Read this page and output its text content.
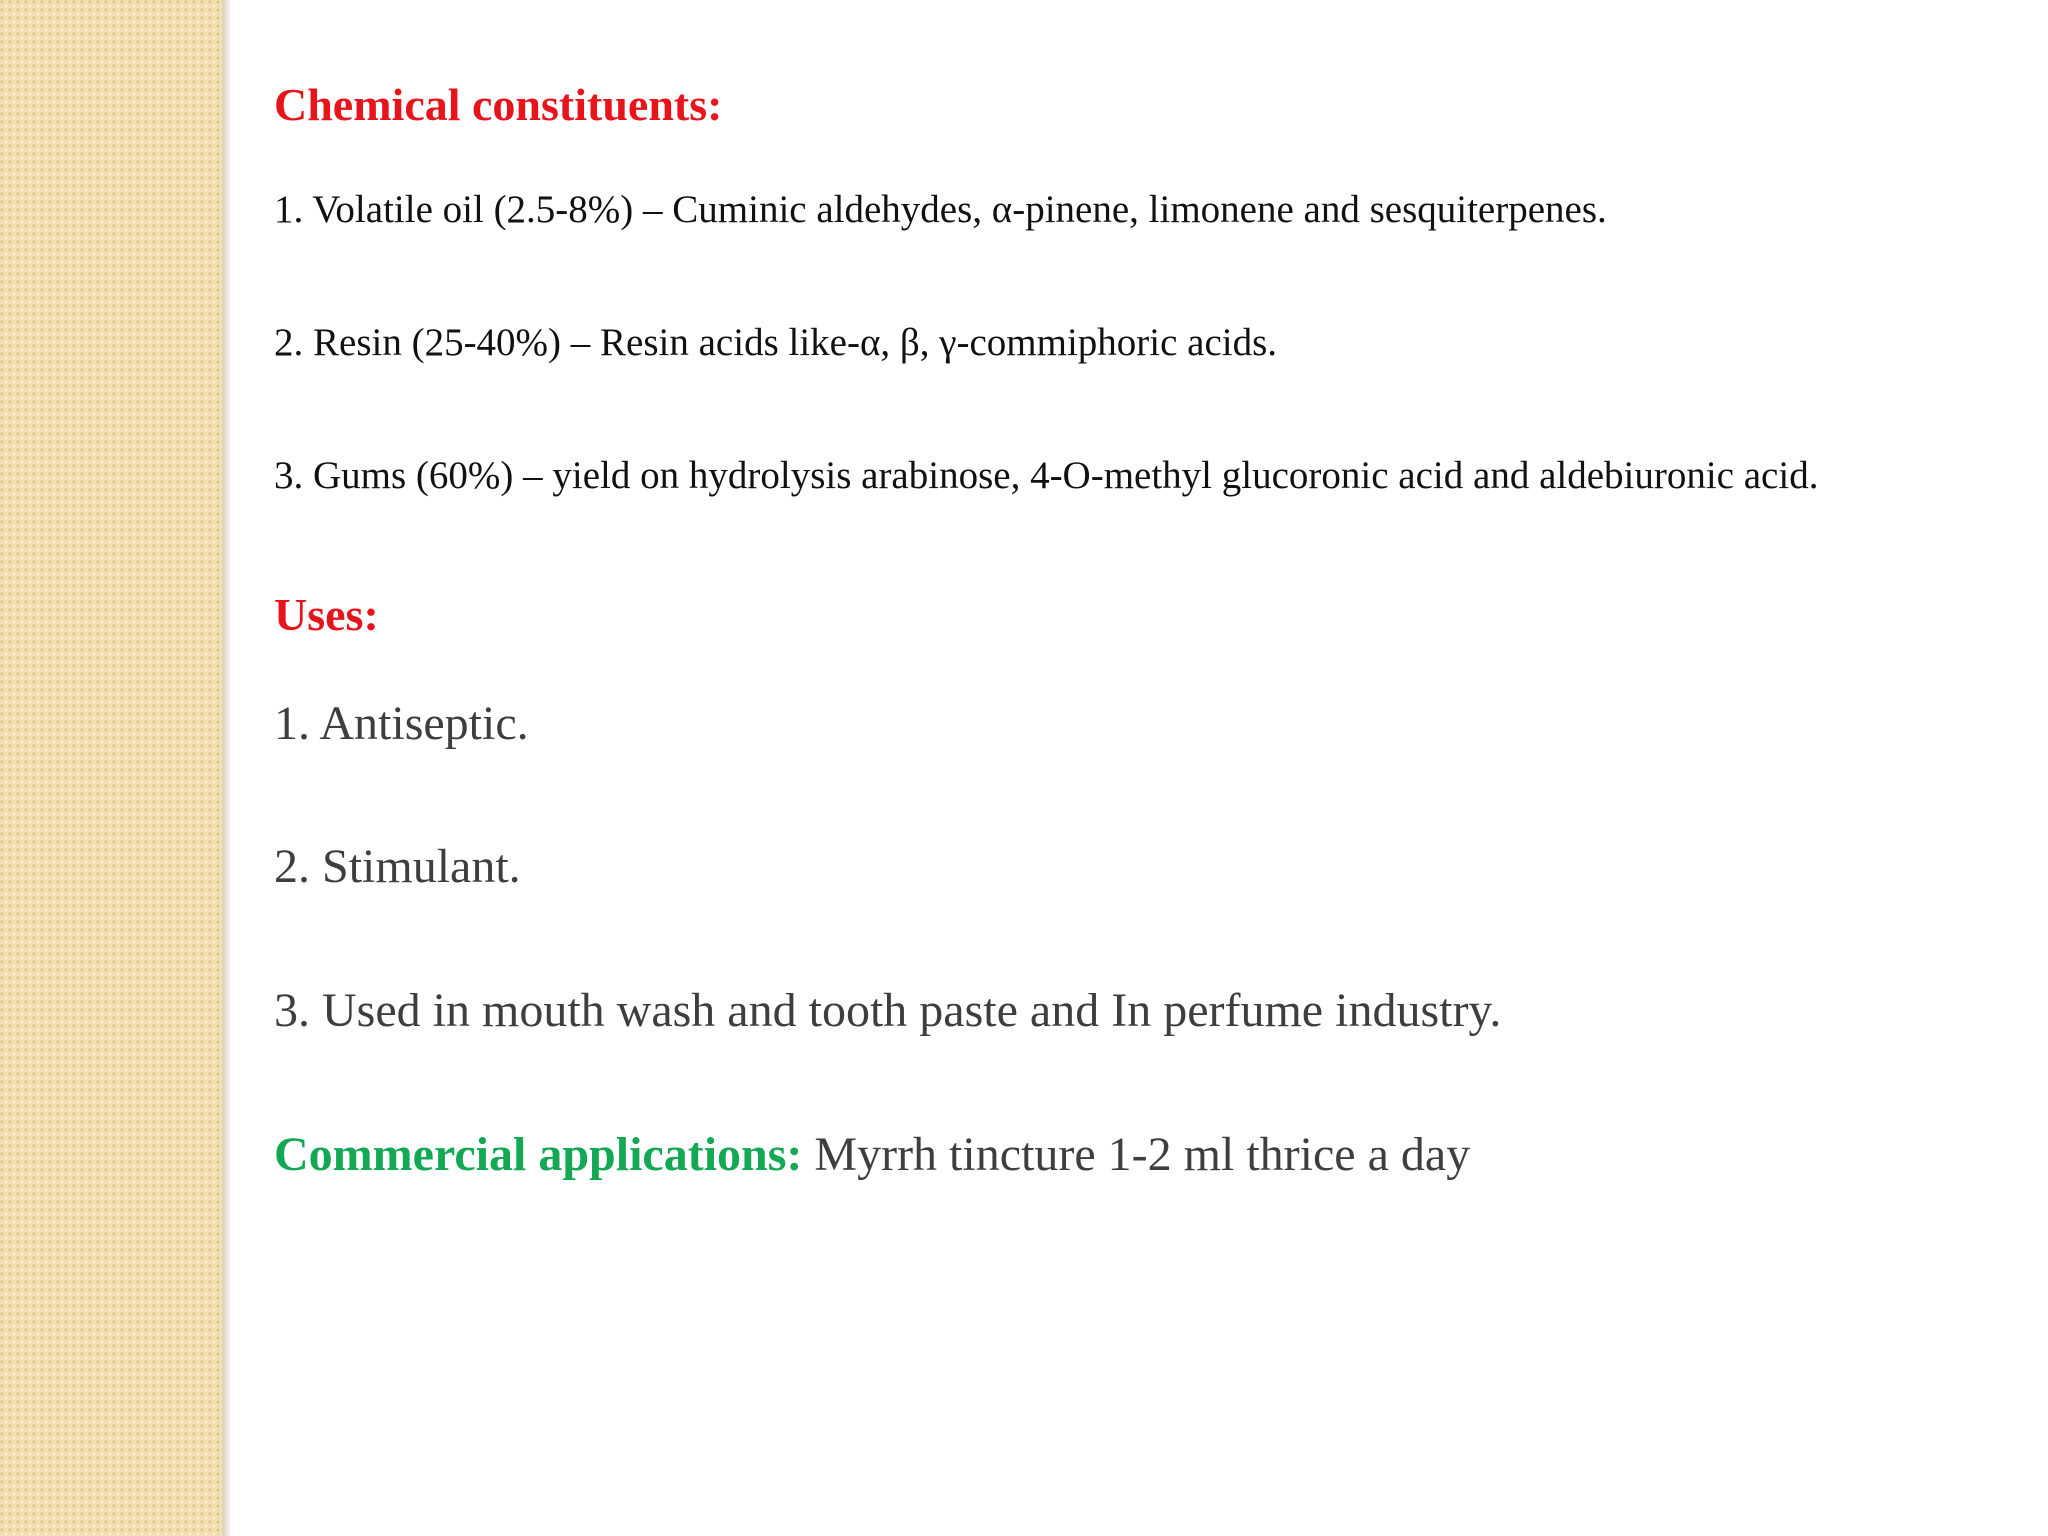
Chemical constituents:
1. Volatile oil (2.5-8%) – Cuminic aldehydes, α-pinene, limonene and sesquiterpenes.
2. Resin (25-40%) – Resin acids like-α, β, γ-commiphoric acids.
3. Gums (60%) – yield on hydrolysis arabinose, 4-O-methyl glucoronic acid and aldebiuronic acid.
Uses:
1. Antiseptic.
2. Stimulant.
3. Used in mouth wash and tooth paste and In perfume industry.
Commercial applications: Myrrh tincture 1-2 ml thrice a day
